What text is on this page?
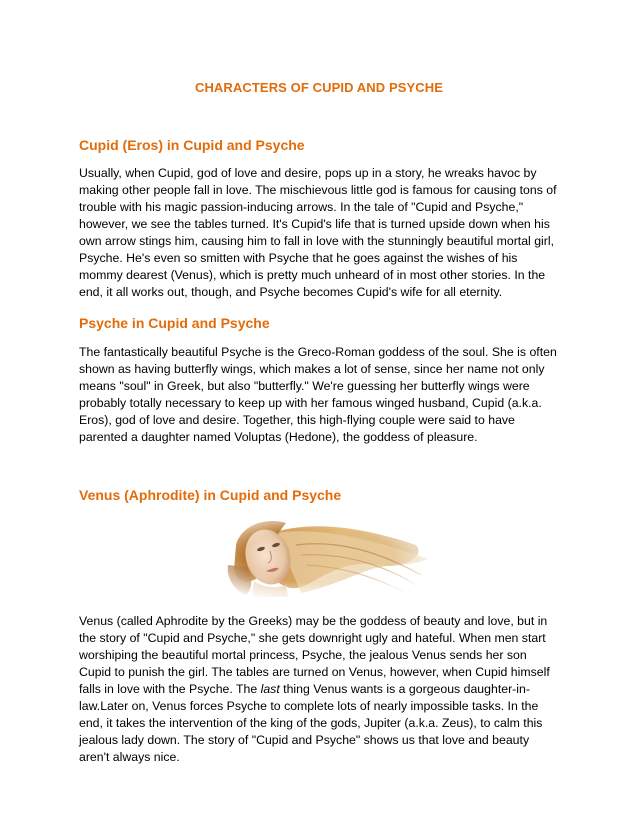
CHARACTERS OF CUPID AND PSYCHE
Cupid (Eros) in Cupid and Psyche

Usually, when Cupid, god of love and desire, pops up in a story, he wreaks havoc by
making other people fall in love. The mischievous little god is famous for causing tons of
trouble with his magic passion-inducing arrows. In the tale of "Cupid and Psyche,"
however, we see the tables turned. It's Cupid's life that is turned upside down when his
own arrow stings him, causing him to fall in love with the stunningly beautiful mortal girl,
Psyche. He's even so smitten with Psyche that he goes against the wishes of his
mommy dearest (Venus), which is pretty much unheard of in most other stories. In the
end, it all works out, though, and Psyche becomes Cupid's wife for all eternity.

Psyche in Cupid and Psyche

The fantastically beautiful Psyche is the Greco-Roman goddess of the soul. She is often
shown as having butterfly wings, which makes a lot of sense, since her name not only
means "soul" in Greek, but also "butterfly." We're guessing her butterfly wings were
probably totally necessary to keep up with her famous winged husband, Cupid (a.k.a.
Eros), god of love and desire. Together, this high-flying couple were said to have
parented a daughter named Voluptas (Hedone), the goddess of pleasure.

Venus (Aphrodite) in Cupid and Psyche

Venus (called Aphrodite by the Greeks) may be the goddess of beauty and love, but in
the story of "Cupid and Psyche," she gets downright ugly and hateful. When men start
worshiping the beautiful mortal princess, Psyche, the jealous Venus sends her son
Cupid to punish the girl. The tables are turned on Venus, however, when Cupid himself
falls in love with the Psyche. The last thing Venus wants is a gorgeous daughter-in-
law.Later on, Venus forces Psyche to complete lots of nearly impossible tasks. In the
end, it takes the intervention of the king of the gods, Jupiter (a.k.a. Zeus), to calm this
jealous lady down. The story of "Cupid and Psyche" shows us that love and beauty
aren't always nice.
